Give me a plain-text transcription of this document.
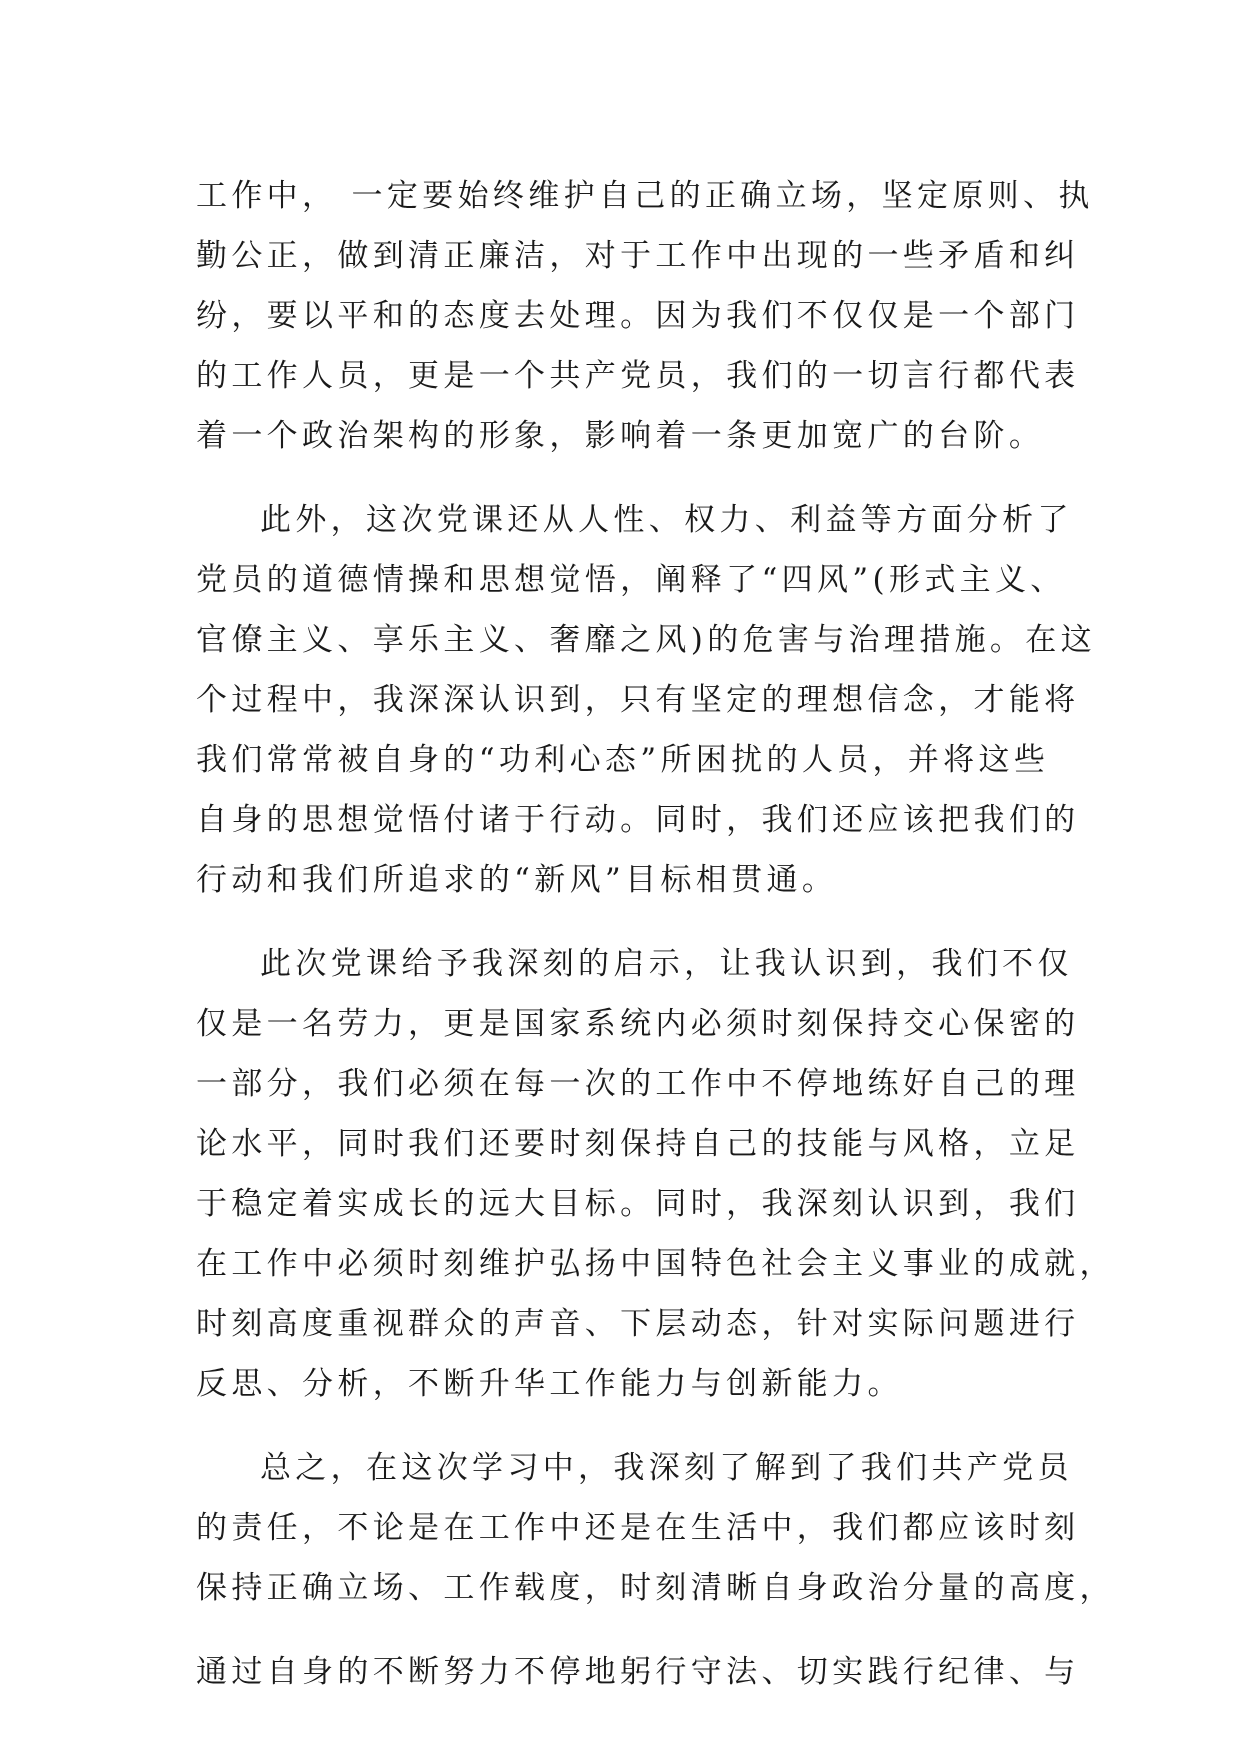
工作中， 一定要始终维护自己的正确立场，坚定原则、执
勤公正，做到清正廉洁，对于工作中出现的一些矛盾和纠
纷，要以平和的态度去处理。因为我们不仅仅是一个部门
的工作人员，更是一个共产党员，我们的一切言行都代表
着一个政治架构的形象，影响着一条更加宽广的台阶。
此外，这次党课还从人性、权力、利益等方面分析了
党员的道德情操和思想觉悟，阐释了“四风”(形式主义、
官僚主义、享乐主义、奢靡之风)的危害与治理措施。在这
个过程中，我深深认识到，只有坚定的理想信念，才能将
我们常常被自身的“功利心态”所困扰的人员，并将这些
自身的思想觉悟付诸于行动。同时，我们还应该把我们的
行动和我们所追求的“新风”目标相贯通。
此次党课给予我深刻的启示，让我认识到，我们不仅
仅是一名劳力，更是国家系统内必须时刻保持交心保密的
一部分，我们必须在每一次的工作中不停地练好自己的理
论水平，同时我们还要时刻保持自己的技能与风格，立足
于稳定着实成长的远大目标。同时，我深刻认识到，我们
在工作中必须时刻维护弘扬中国特色社会主义事业的成就，
时刻高度重视群众的声音、下层动态，针对实际问题进行
反思、分析，不断升华工作能力与创新能力。
总之，在这次学习中，我深刻了解到了我们共产党员
的责任，不论是在工作中还是在生活中，我们都应该时刻
保持正确立场、工作载度，时刻清晰自身政治分量的高度，
通过自身的不断努力不停地躬行守法、切实践行纪律、与
